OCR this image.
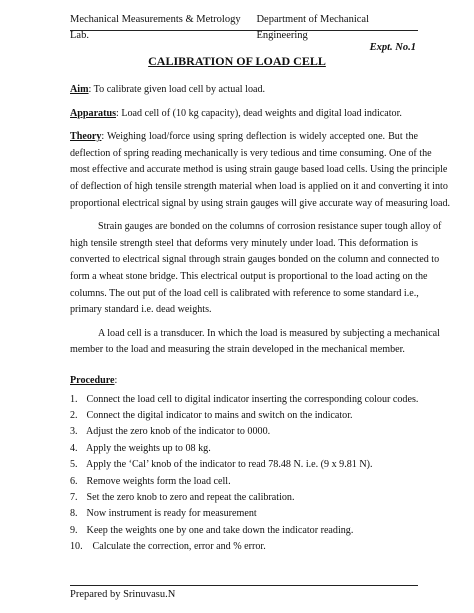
Mechanical Measurements & Metrology Lab.
Department of Mechanical Engineering
Expt. No.1
CALIBRATION OF LOAD CELL
Aim: To calibrate given load cell by actual load.
Apparatus: Load cell of (10 kg capacity), dead weights and digital load indicator.
Theory: Weighing load/force using spring deflection is widely accepted one. But the
deflection of spring reading mechanically is very tedious and time consuming. One of the
most effective and accurate method is using strain gauge based load cells. Using the principle
of deflection of high tensile strength material when load is applied on it and converting it into
proportional electrical signal by using strain gauges will give accurate way of measuring load.
Strain gauges are bonded on the columns of corrosion resistance super tough alloy of
high tensile strength steel that deforms very minutely under load. This deformation is
converted to electrical signal through strain gauges bonded on the column and connected to
form a wheat stone bridge. This electrical output is proportional to the load acting on the
columns. The out put of the load cell is calibrated with reference to some standard i.e.,
primary standard i.e. dead weights.
A load cell is a transducer. In which the load is measured by subjecting a mechanical
member to the load and measuring the strain developed in the mechanical member.
Procedure:
1. Connect the load cell to digital indicator inserting the corresponding colour codes.
2. Connect the digital indicator to mains and switch on the indicator.
3. Adjust the zero knob of the indicator to 0000.
4. Apply the weights up to 08 kg.
5. Apply the ‘Cal’ knob of the indicator to read 78.48 N. i.e. (9 x 9.81 N).
6. Remove weights form the load cell.
7. Set the zero knob to zero and repeat the calibration.
8. Now instrument is ready for measurement
9. Keep the weights one by one and take down the indicator reading.
10. Calculate the correction, error and % error.
Prepared by Srinuvasu.N
